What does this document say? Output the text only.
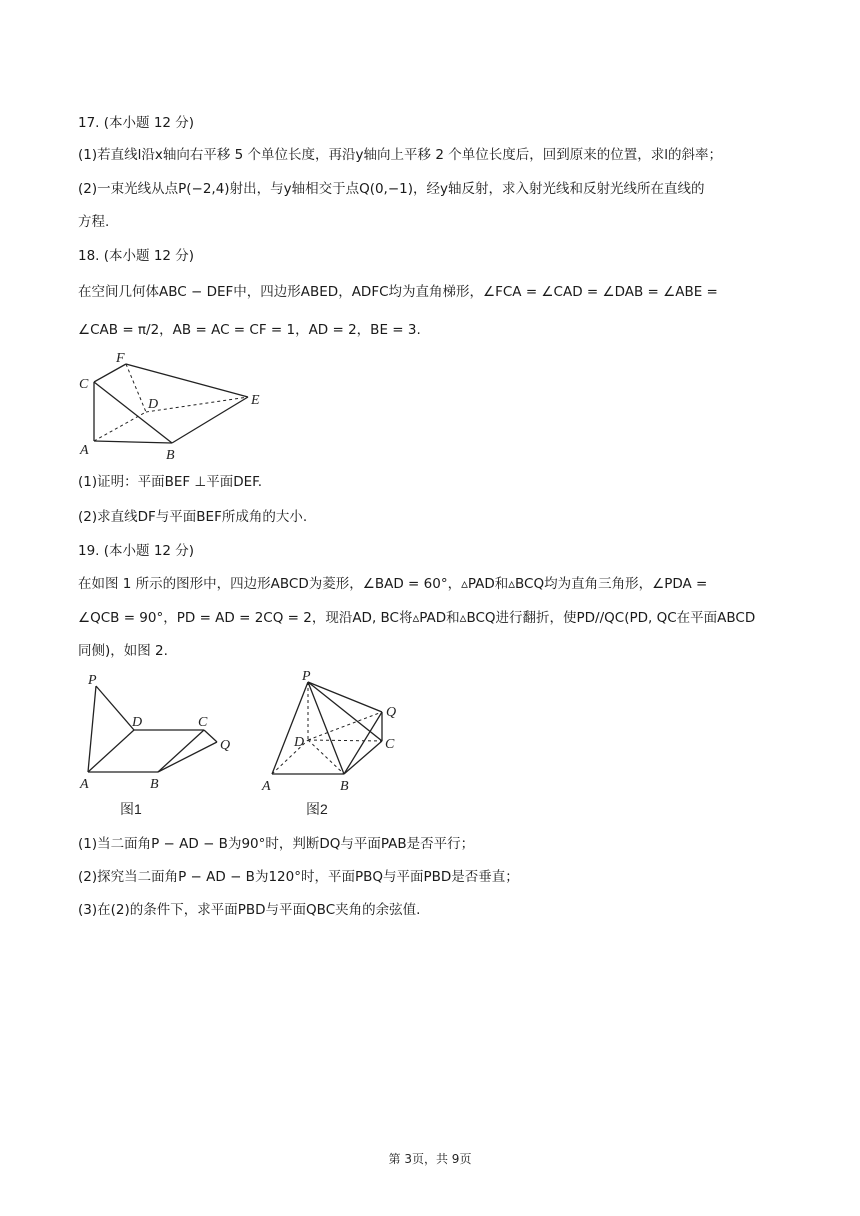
17. (本小题 12 分)
(1)若直线l沿x轴向右平移 5 个单位长度，再沿y轴向上平移 2 个单位长度后，回到原来的位置，求l的斜率；
(2)一束光线从点P(−2,4)射出，与y轴相交于点Q(0,−1)，经y轴反射，求入射光线和反射光线所在直线的
方程.
18. (本小题 12 分)
在空间几何体ABC − DEF中，四边形ABED，ADFC均为直角梯形，∠FCA = ∠CAD = ∠DAB = ∠ABE =
∠CAB = π/2，AB = AC = CF = 1，AD = 2，BE = 3.
F
C
D	E
A	B
(1)证明：平面BEF ⊥平面DEF.
(2)求直线DF与平面BEF所成角的大小.
19. (本小题 12 分)
在如图 1 所示的图形中，四边形ABCD为菱形，∠BAD = 60°，▵PAD和▵BCQ均为直角三角形，∠PDA =
∠QCB = 90°，PD = AD = 2CQ = 2，现沿AD, BC将▵PAD和▵BCQ进行翻折，使PD//QC(PD, QC在平面ABCD
同侧)，如图 2.
P
D	C
Q
A	B
图1
P
Q
D	C
A	B
图2
(1)当二面角P − AD − B为90°时，判断DQ与平面PAB是否平行；
(2)探究当二面角P − AD − B为120°时，平面PBQ与平面PBD是否垂直；
(3)在(2)的条件下，求平面PBD与平面QBC夹角的余弦值.
第 3页，共 9页
